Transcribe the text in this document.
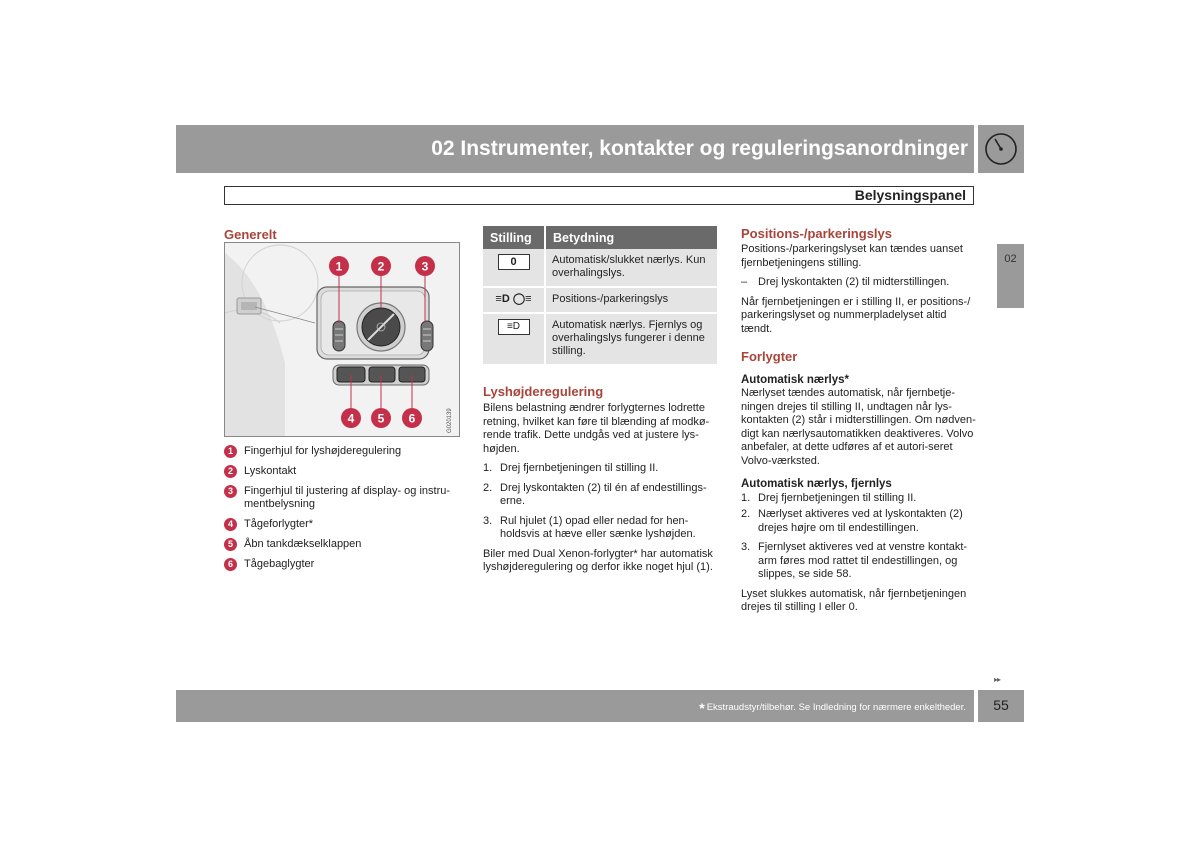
02 Instrumenter, kontakter og reguleringsanordninger
Belysningspanel
02
Generelt
1	2	3
4 5 6	G020139
1	Fingerhjul for lyshøjderegulering
2	Lyskontakt
3	Fingerhjul til justering af display- og instru-mentbelysning
4	Tågeforlygter*
5	Åbn tankdækselklappen
6	Tågebaglygter
Stilling	Betydning
0	Automatisk/slukket nærlys. Kun overhalingslys.
≡D ◯≡	Positions-/parkeringslys
≡D	Automatisk nærlys. Fjernlys og overhalingslys fungerer i denne stilling.
Lyshøjderegulering

Bilens belastning ændrer forlygternes lodrette retning, hvilket kan føre til blænding af modkø-rende trafik. Dette undgås ved at justere lys-højden.

1. Drej fjernbetjeningen til stilling II.
2. Drej lyskontakten (2) til én af endestillings-erne.
3. Rul hjulet (1) opad eller nedad for hen-holdsvis at hæve eller sænke lyshøjden.

Biler med Dual Xenon-forlygter* har automatisk lyshøjderegulering og derfor ikke noget hjul (1).

Positions-/parkeringslys

Positions-/parkeringslyset kan tændes uanset fjernbetjeningens stilling.

– Drej lyskontakten (2) til midterstillingen.

Når fjernbetjeningen er i stilling II, er positions-/ parkeringslyset og nummerpladelyset altid tændt.

Forlygter
Automatisk nærlys*

Nærlyset tændes automatisk, når fjernbetje-ningen drejes til stilling II, undtagen når lys-kontakten (2) står i midterstillingen. Om nødven-digt kan nærlysautomatikken deaktiveres. Volvo anbefaler, at dette udføres af et autori-seret Volvo-værksted.

Automatisk nærlys, fjernlys
1. Drej fjernbetjeningen til stilling II.
2. Nærlyset aktiveres ved at lyskontakten (2) drejes højre om til endestillingen.
3. Fjernlyset aktiveres ved at venstre kontakt-arm føres mod rattet til endestillingen, og slippes, se side 58.

Lyset slukkes automatisk, når fjernbetjeningen drejes til stilling I eller 0.

▸▸
* Ekstraudstyr/tilbehør. Se Indledning for nærmere enkeltheder.	55
